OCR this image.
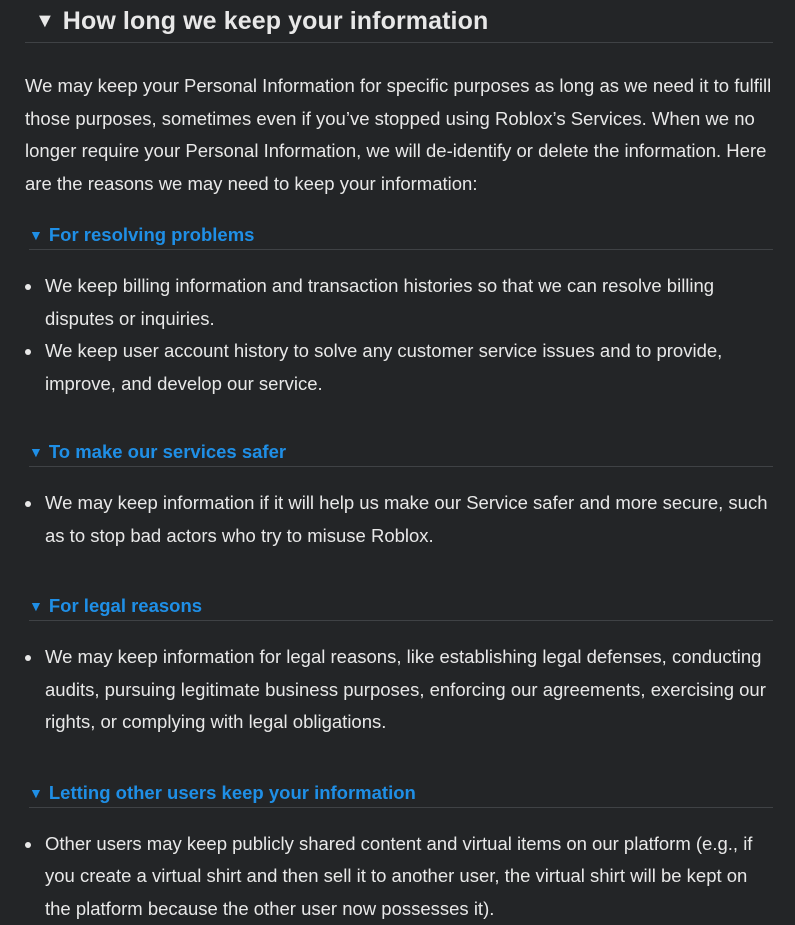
▼ How long we keep your information

We may keep your Personal Information for specific purposes as long as we need it to fulfill those purposes, sometimes even if you’ve stopped using Roblox’s Services. When we no longer require your Personal Information, we will de-identify or delete the information. Here are the reasons we may need to keep your information:

▼ For resolving problems
We keep billing information and transaction histories so that we can resolve billing disputes or inquiries.
We keep user account history to solve any customer service issues and to provide, improve, and develop our service.
▼ To make our services safer
We may keep information if it will help us make our Service safer and more secure, such as to stop bad actors who try to misuse Roblox.
▼ For legal reasons
We may keep information for legal reasons, like establishing legal defenses, conducting audits, pursuing legitimate business purposes, enforcing our agreements, exercising our rights, or complying with legal obligations.
▼ Letting other users keep your information
Other users may keep publicly shared content and virtual items on our platform (e.g., if you create a virtual shirt and then sell it to another user, the virtual shirt will be kept on the platform because the other user now possesses it).
